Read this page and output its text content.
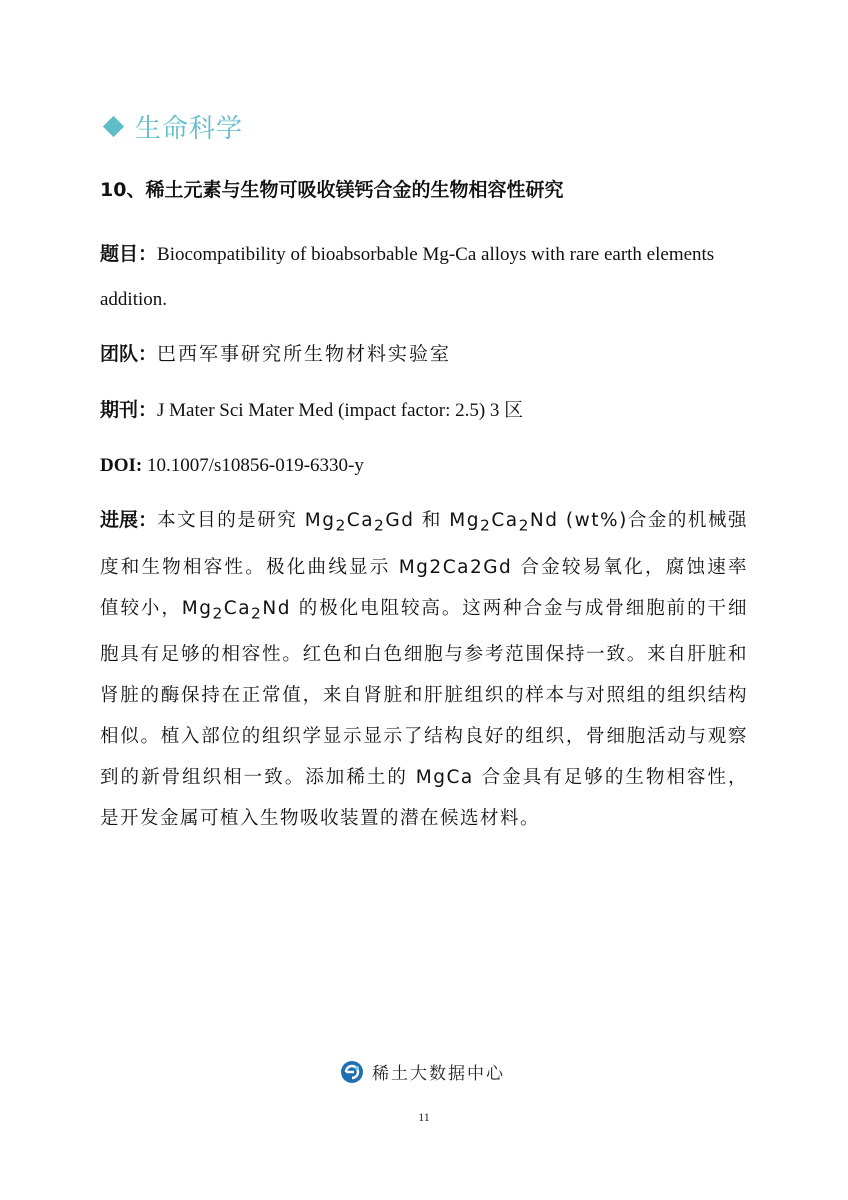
生命科学
10、稀土元素与生物可吸收镁钙合金的生物相容性研究
题目：Biocompatibility of bioabsorbable Mg-Ca alloys with rare earth elements addition.
团队：巴西军事研究所生物材料实验室
期刊：J Mater Sci Mater Med (impact factor: 2.5) 3 区
DOI: 10.1007/s10856-019-6330-y
进展：本文目的是研究 $Mg_2Ca_2Gd$ 和 $Mg_2Ca_2Nd$ (wt%)合金的机械强度和生物相容性。极化曲线显示 Mg2Ca2Gd 合金较易氧化，腐蚀速率值较小，$Mg_2Ca_2Nd$ 的极化电阻较高。这两种合金与成骨细胞前的干细胞具有足够的相容性。红色和白色细胞与参考范围保持一致。来自肝脏和肾脏的酶保持在正常值，来自肾脏和肝脏组织的样本与对照组的组织结构相似。植入部位的组织学显示显示了结构良好的组织，骨细胞活动与观察到的新骨组织相一致。添加稀土的 MgCa 合金具有足够的生物相容性，是开发金属可植入生物吸收装置的潜在候选材料。
稀土大数据中心
11
